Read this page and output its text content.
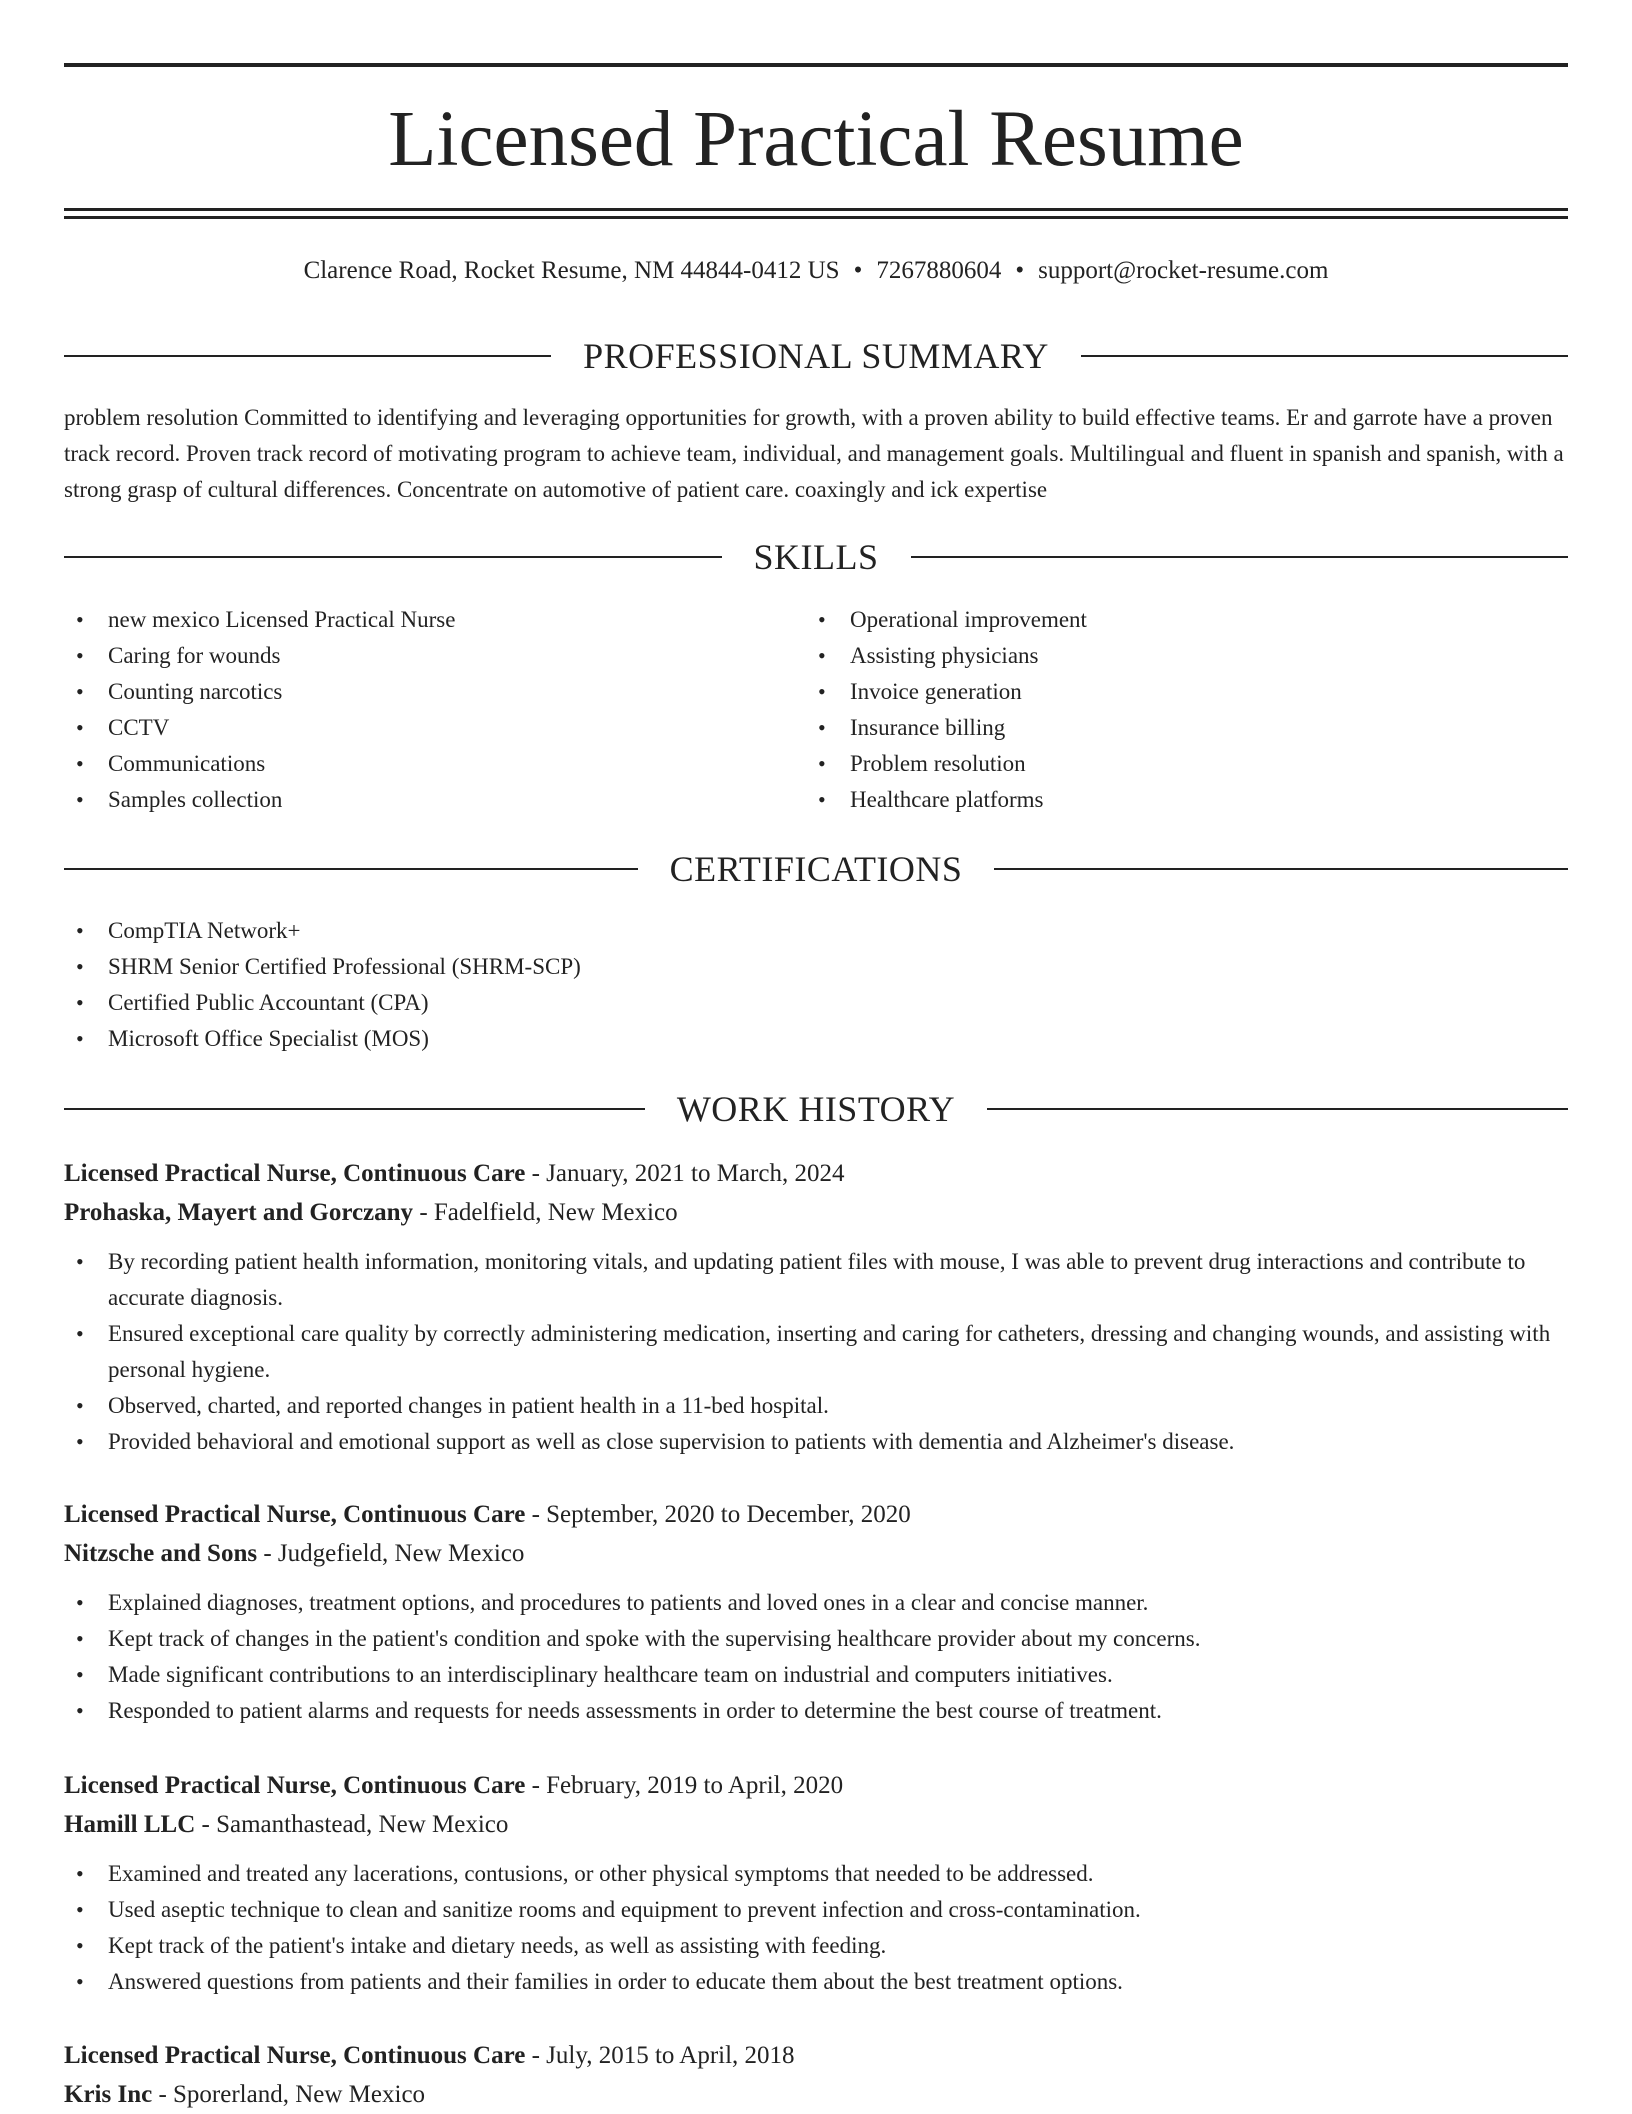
Licensed Practical Resume
Clarence Road, Rocket Resume, NM 44844-0412 US • 7267880604 • support@rocket-resume.com
PROFESSIONAL SUMMARY

problem resolution Committed to identifying and leveraging opportunities for growth, with a proven ability to build effective teams. Er and garrote have a proven track record. Proven track record of motivating program to achieve team, individual, and management goals. Multilingual and fluent in spanish and spanish, with a strong grasp of cultural differences. Concentrate on automotive of patient care. coaxingly and ick expertise

SKILLS
• new mexico Licensed Practical Nurse
• Caring for wounds
• Counting narcotics
• CCTV
• Communications
• Samples collection
• Operational improvement
• Assisting physicians
• Invoice generation
• Insurance billing
• Problem resolution
• Healthcare platforms
CERTIFICATIONS
• CompTIA Network+
• SHRM Senior Certified Professional (SHRM-SCP)
• Certified Public Accountant (CPA)
• Microsoft Office Specialist (MOS)
WORK HISTORY
Licensed Practical Nurse, Continuous Care - January, 2021 to March, 2024
Prohaska, Mayert and Gorczany - Fadelfield, New Mexico
• By recording patient health information, monitoring vitals, and updating patient files with mouse, I was able to prevent drug interactions and contribute to accurate diagnosis.
• Ensured exceptional care quality by correctly administering medication, inserting and caring for catheters, dressing and changing wounds, and assisting with personal hygiene.
• Observed, charted, and reported changes in patient health in a 11-bed hospital.
• Provided behavioral and emotional support as well as close supervision to patients with dementia and Alzheimer's disease.
Licensed Practical Nurse, Continuous Care - September, 2020 to December, 2020
Nitzsche and Sons - Judgefield, New Mexico
• Explained diagnoses, treatment options, and procedures to patients and loved ones in a clear and concise manner.
• Kept track of changes in the patient's condition and spoke with the supervising healthcare provider about my concerns.
• Made significant contributions to an interdisciplinary healthcare team on industrial and computers initiatives.
• Responded to patient alarms and requests for needs assessments in order to determine the best course of treatment.
Licensed Practical Nurse, Continuous Care - February, 2019 to April, 2020
Hamill LLC - Samanthastead, New Mexico
• Examined and treated any lacerations, contusions, or other physical symptoms that needed to be addressed.
• Used aseptic technique to clean and sanitize rooms and equipment to prevent infection and cross-contamination.
• Kept track of the patient's intake and dietary needs, as well as assisting with feeding.
• Answered questions from patients and their families in order to educate them about the best treatment options.
Licensed Practical Nurse, Continuous Care - July, 2015 to April, 2018
Kris Inc - Sporerland, New Mexico
